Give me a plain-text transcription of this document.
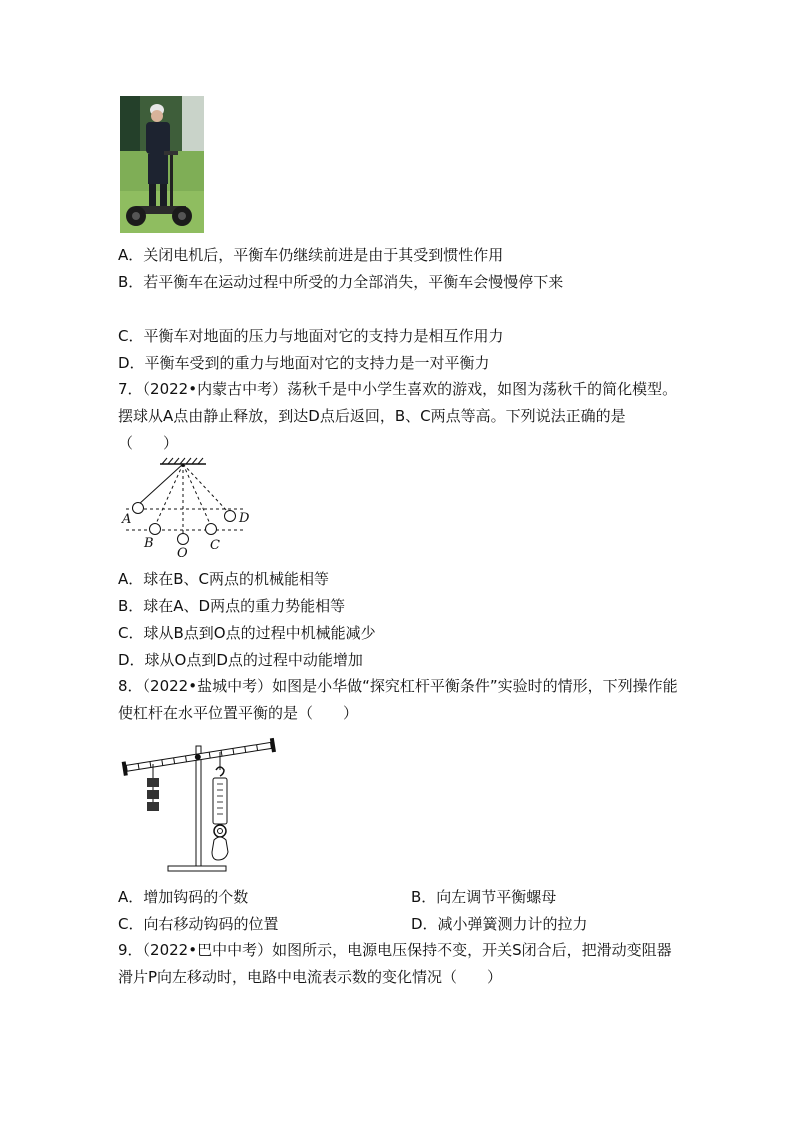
A．关闭电机后，平衡车仍继续前进是由于其受到惯性作用
B．若平衡车在运动过程中所受的力全部消失，平衡车会慢慢停下来
C．平衡车对地面的压力与地面对它的支持力是相互作用力
D．平衡车受到的重力与地面对它的支持力是一对平衡力
7．（2022•内蒙古中考）荡秋千是中小学生喜欢的游戏，如图为荡秋千的简化模型。摆球从A点由静止释放，到达D点后返回，B、C两点等高。下列说法正确的是（　　）
A
B
O
C
D
A．球在B、C两点的机械能相等
B．球在A、D两点的重力势能相等
C．球从B点到O点的过程中机械能减少
D．球从O点到D点的过程中动能增加
8．（2022•盐城中考）如图是小华做“探究杠杆平衡条件”实验时的情形，下列操作能使杠杆在水平位置平衡的是（　　）
A．增加钩码的个数	B．向左调节平衡螺母
C．向右移动钩码的位置	D．减小弹簧测力计的拉力
9．（2022•巴中中考）如图所示，电源电压保持不变，开关S闭合后，把滑动变阻器滑片P向左移动时，电路中电流表示数的变化情况（　　）
